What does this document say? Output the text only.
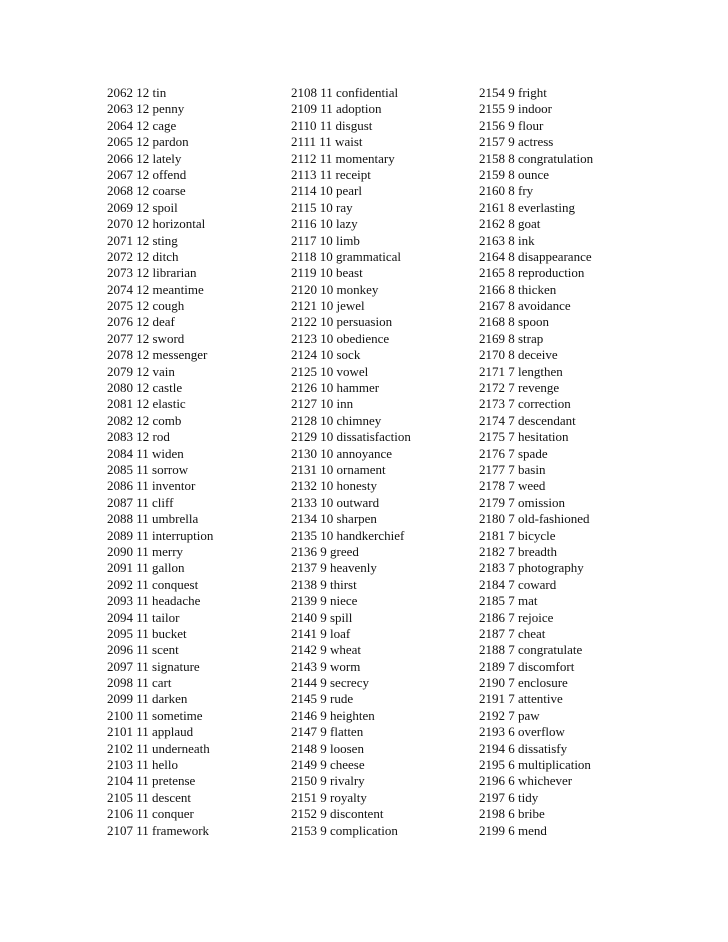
2062 12 tin
2063 12 penny
2064 12 cage
2065 12 pardon
2066 12 lately
2067 12 offend
2068 12 coarse
2069 12 spoil
2070 12 horizontal
2071 12 sting
2072 12 ditch
2073 12 librarian
2074 12 meantime
2075 12 cough
2076 12 deaf
2077 12 sword
2078 12 messenger
2079 12 vain
2080 12 castle
2081 12 elastic
2082 12 comb
2083 12 rod
2084 11 widen
2085 11 sorrow
2086 11 inventor
2087 11 cliff
2088 11 umbrella
2089 11 interruption
2090 11 merry
2091 11 gallon
2092 11 conquest
2093 11 headache
2094 11 tailor
2095 11 bucket
2096 11 scent
2097 11 signature
2098 11 cart
2099 11 darken
2100 11 sometime
2101 11 applaud
2102 11 underneath
2103 11 hello
2104 11 pretense
2105 11 descent
2106 11 conquer
2107 11 framework
2108 11 confidential
2109 11 adoption
2110 11 disgust
2111 11 waist
2112 11 momentary
2113 11 receipt
2114 10 pearl
2115 10 ray
2116 10 lazy
2117 10 limb
2118 10 grammatical
2119 10 beast
2120 10 monkey
2121 10 jewel
2122 10 persuasion
2123 10 obedience
2124 10 sock
2125 10 vowel
2126 10 hammer
2127 10 inn
2128 10 chimney
2129 10 dissatisfaction
2130 10 annoyance
2131 10 ornament
2132 10 honesty
2133 10 outward
2134 10 sharpen
2135 10 handkerchief
2136 9 greed
2137 9 heavenly
2138 9 thirst
2139 9 niece
2140 9 spill
2141 9 loaf
2142 9 wheat
2143 9 worm
2144 9 secrecy
2145 9 rude
2146 9 heighten
2147 9 flatten
2148 9 loosen
2149 9 cheese
2150 9 rivalry
2151 9 royalty
2152 9 discontent
2153 9 complication
2154 9 fright
2155 9 indoor
2156 9 flour
2157 9 actress
2158 8 congratulation
2159 8 ounce
2160 8 fry
2161 8 everlasting
2162 8 goat
2163 8 ink
2164 8 disappearance
2165 8 reproduction
2166 8 thicken
2167 8 avoidance
2168 8 spoon
2169 8 strap
2170 8 deceive
2171 7 lengthen
2172 7 revenge
2173 7 correction
2174 7 descendant
2175 7 hesitation
2176 7 spade
2177 7 basin
2178 7 weed
2179 7 omission
2180 7 old-fashioned
2181 7 bicycle
2182 7 breadth
2183 7 photography
2184 7 coward
2185 7 mat
2186 7 rejoice
2187 7 cheat
2188 7 congratulate
2189 7 discomfort
2190 7 enclosure
2191 7 attentive
2192 7 paw
2193 6 overflow
2194 6 dissatisfy
2195 6 multiplication
2196 6 whichever
2197 6 tidy
2198 6 bribe
2199 6 mend
